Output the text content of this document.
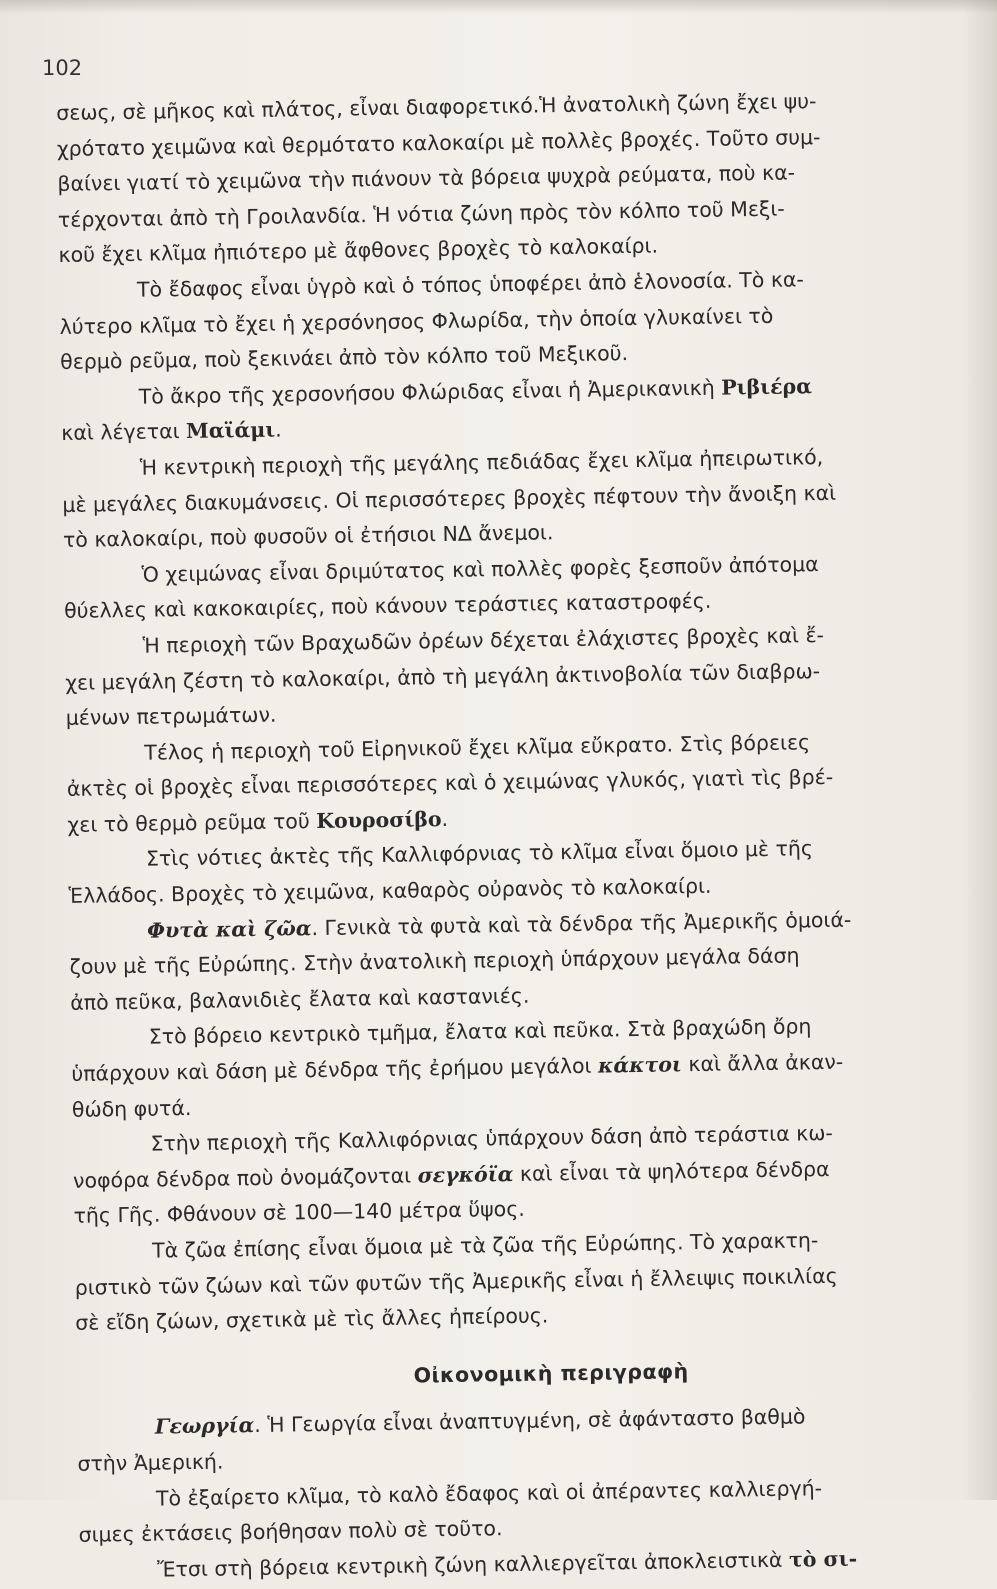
102
σεως, σὲ μῆκος καὶ πλάτος, εἶναι διαφορετικό.Ἡ ἀνατολικὴ ζώνη ἔχει ψυ-
χρότατο χειμῶνα καὶ θερμότατο καλοκαίρι μὲ πολλὲς βροχές. Τοῦτο συμ-
βαίνει γιατί τὸ χειμῶνα τὴν πιάνουν τὰ βόρεια ψυχρὰ ρεύματα, ποὺ κα-
τέρχονται ἀπὸ τὴ Γροιλανδία. Ἡ νότια ζώνη πρὸς τὸν κόλπο τοῦ Μεξι-
κοῦ ἔχει κλῖμα ἠπιότερο μὲ ἄφθονες βροχὲς τὸ καλοκαίρι.
Τὸ ἔδαφος εἶναι ὑγρὸ καὶ ὁ τόπος ὑποφέρει ἀπὸ ἑλονοσία. Τὸ κα-
λύτερο κλῖμα τὸ ἔχει ἡ χερσόνησος Φλωρίδα, τὴν ὁποία γλυκαίνει τὸ
θερμὸ ρεῦμα, ποὺ ξεκινάει ἀπὸ τὸν κόλπο τοῦ Μεξικοῦ.
Τὸ ἄκρο τῆς χερσονήσου Φλώριδας εἶναι ἡ Ἀμερικανικὴ Ριβιέρα
καὶ λέγεται Μαϊάμι.
Ἡ κεντρικὴ περιοχὴ τῆς μεγάλης πεδιάδας ἔχει κλῖμα ἠπειρωτικό,
μὲ μεγάλες διακυμάνσεις. Οἱ περισσότερες βροχὲς πέφτουν τὴν ἄνοιξη καὶ
τὸ καλοκαίρι, ποὺ φυσοῦν οἱ ἐτήσιοι ΝΔ ἄνεμοι.
Ὁ χειμώνας εἶναι δριμύτατος καὶ πολλὲς φορὲς ξεσποῦν ἀπότομα
θύελλες καὶ κακοκαιρίες, ποὺ κάνουν τεράστιες καταστροφές.
Ἡ περιοχὴ τῶν Βραχωδῶν ὀρέων δέχεται ἐλάχιστες βροχὲς καὶ ἔ-
χει μεγάλη ζέστη τὸ καλοκαίρι, ἀπὸ τὴ μεγάλη ἀκτινοβολία τῶν διαβρω-
μένων πετρωμάτων.
Τέλος ἡ περιοχὴ τοῦ Εἰρηνικοῦ ἔχει κλῖμα εὔκρατο. Στὶς βόρειες
ἀκτὲς οἱ βροχὲς εἶναι περισσότερες καὶ ὁ χειμώνας γλυκός, γιατὶ τὶς βρέ-
χει τὸ θερμὸ ρεῦμα τοῦ Κουροσίβο.
Στὶς νότιες ἀκτὲς τῆς Καλλιφόρνιας τὸ κλῖμα εἶναι ὅμοιο μὲ τῆς
Ἑλλάδος. Βροχὲς τὸ χειμῶνα, καθαρὸς οὐρανὸς τὸ καλοκαίρι.
Φυτὰ καὶ ζῶα. Γενικὰ τὰ φυτὰ καὶ τὰ δένδρα τῆς Ἀμερικῆς ὁμοιά-
ζουν μὲ τῆς Εὐρώπης. Στὴν ἀνατολικὴ περιοχὴ ὑπάρχουν μεγάλα δάση
ἀπὸ πεῦκα, βαλανιδιὲς ἔλατα καὶ καστανιές.
Στὸ βόρειο κεντρικὸ τμῆμα, ἔλατα καὶ πεῦκα. Στὰ βραχώδη ὄρη
ὑπάρχουν καὶ δάση μὲ δένδρα τῆς ἐρήμου μεγάλοι κάκτοι καὶ ἄλλα ἀκαν-
θώδη φυτά.
Στὴν περιοχὴ τῆς Καλλιφόρνιας ὑπάρχουν δάση ἀπὸ τεράστια κω-
νοφόρα δένδρα ποὺ ὀνομάζονται σεγκόϊα καὶ εἶναι τὰ ψηλότερα δένδρα
τῆς Γῆς. Φθάνουν σὲ 100—140 μέτρα ὕψος.
Τὰ ζῶα ἐπίσης εἶναι ὅμοια μὲ τὰ ζῶα τῆς Εὐρώπης. Τὸ χαρακτη-
ριστικὸ τῶν ζώων καὶ τῶν φυτῶν τῆς Ἀμερικῆς εἶναι ἡ ἔλλειψις ποικιλίας
σὲ εἴδη ζώων, σχετικὰ μὲ τὶς ἄλλες ἠπείρους.
Οἰκονομικὴ περιγραφὴ
Γεωργία. Ἡ Γεωργία εἶναι ἀναπτυγμένη, σὲ ἀφάνταστο βαθμὸ
στὴν Ἀμερική.
Τὸ ἐξαίρετο κλῖμα, τὸ καλὸ ἔδαφος καὶ οἱ ἀπέραντες καλλιεργή-
σιμες ἐκτάσεις βοήθησαν πολὺ σὲ τοῦτο.
Ἔτσι στὴ βόρεια κεντρικὴ ζώνη καλλιεργεῖται ἀποκλειστικὰ τὸ σι-
